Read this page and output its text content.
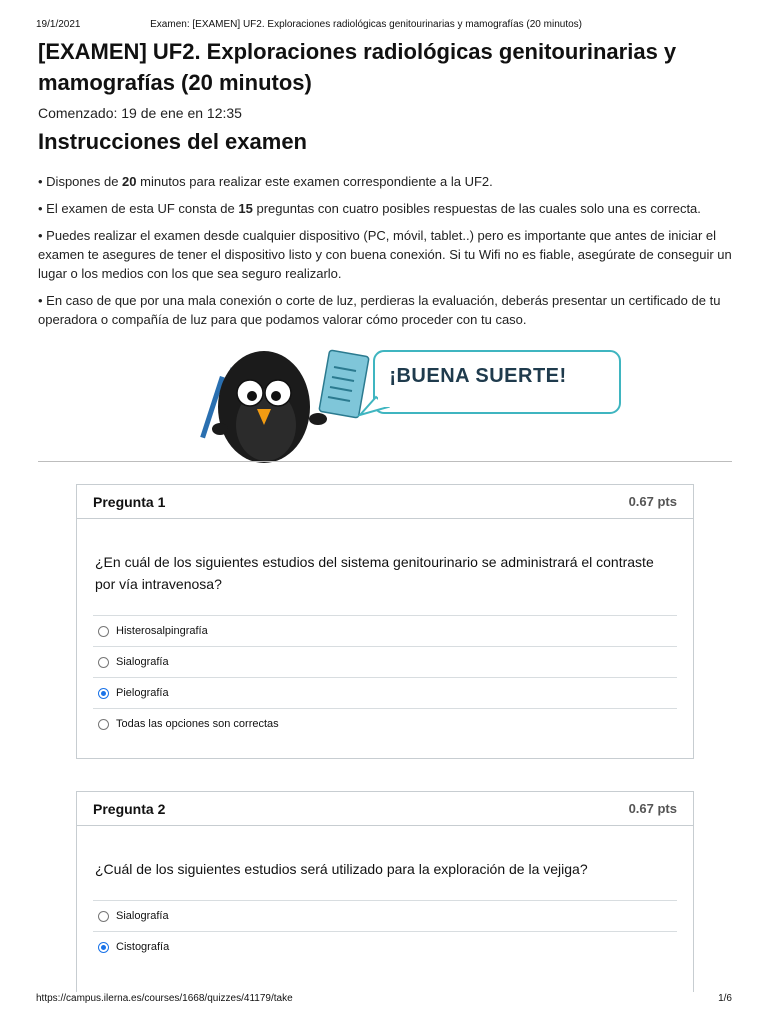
19/1/2021	Examen: [EXAMEN] UF2. Exploraciones radiológicas genitourinarias y mamografías (20 minutos)
[EXAMEN] UF2. Exploraciones radiológicas genitourinarias y mamografías (20 minutos)
Comenzado: 19 de ene en 12:35
Instrucciones del examen

• Dispones de 20 minutos para realizar este examen correspondiente a la UF2.

• El examen de esta UF consta de 15 preguntas con cuatro posibles respuestas de las cuales solo una es correcta.

• Puedes realizar el examen desde cualquier dispositivo (PC, móvil, tablet..) pero es importante que antes de iniciar el examen te asegures de tener el dispositivo listo y con buena conexión. Si tu Wifi no es fiable, asegúrate de conseguir un lugar o los medios con los que sea seguro realizarlo.

• En caso de que por una mala conexión o corte de luz, perdieras la evaluación, deberás presentar un certificado de tu operadora o compañía de luz para que podamos valorar cómo proceder con tu caso.

¡BUENA SUERTE!
Pregunta 1	0.67 pts
¿En cuál de los siguientes estudios del sistema genitourinario se administrará el contraste por vía intravenosa?
Histerosalpingrafía
Sialografía
Pielografía
Todas las opciones son correctas
Pregunta 2	0.67 pts
¿Cuál de los siguientes estudios será utilizado para la exploración de la vejiga?
Sialografía
Cistografía
https://campus.ilerna.es/courses/1668/quizzes/41179/take	1/6
